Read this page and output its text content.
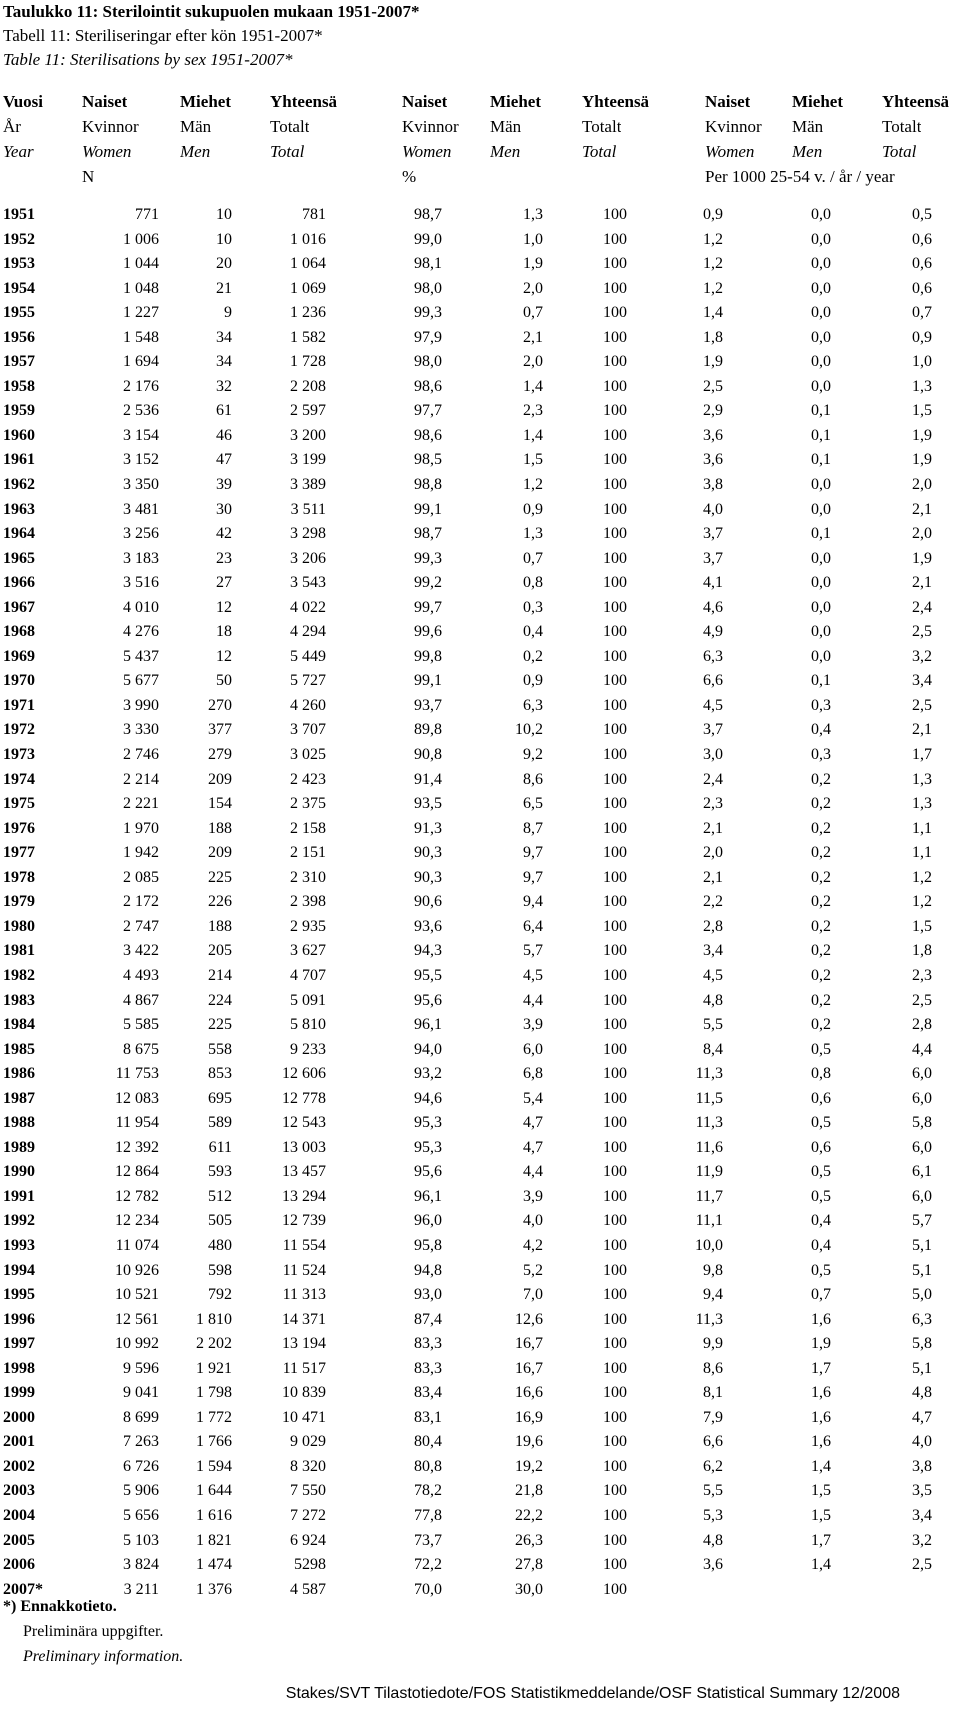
Taulukko 11: Sterilointit sukupuolen mukaan 1951-2007*
Tabell 11: Steriliseringar efter kön 1951-2007*
Table 11: Sterilisations by sex 1951-2007*
Vuosi Naiset	Miehet Yhteensä	Naiset	Miehet Yhteensä	Naiset Miehet Yhteensä
År	Kvinnor	Män	Totalt	Kvinnor	Män	Totalt	Kvinnor	Män	Totalt
Year	Women	Men	Total	Women Men	Total	Women Men	Total
N	%	Per 1000 25-54 v. / år / year
1951	771	10	781	98,7	1,3	100	0,9	0,0	0,5
1952	1 006	10	1 016	99,0	1,0	100	1,2	0,0	0,6
1953	1 044	20	1 064	98,1	1,9	100	1,2	0,0	0,6
1954	1 048	21	1 069	98,0	2,0	100	1,2	0,0	0,6
1955	1 227	9	1 236	99,3	0,7	100	1,4	0,0	0,7
1956	1 548	34	1 582	97,9	2,1	100	1,8	0,0	0,9
1957	1 694	34	1 728	98,0	2,0	100	1,9	0,0	1,0
1958	2 176	32	2 208	98,6	1,4	100	2,5	0,0	1,3
1959	2 536	61	2 597	97,7	2,3	100	2,9	0,1	1,5
1960	3 154	46	3 200	98,6	1,4	100	3,6	0,1	1,9
1961	3 152	47	3 199	98,5	1,5	100	3,6	0,1	1,9
1962	3 350	39	3 389	98,8	1,2	100	3,8	0,0	2,0
1963	3 481	30	3 511	99,1	0,9	100	4,0	0,0	2,1
1964	3 256	42	3 298	98,7	1,3	100	3,7	0,1	2,0
1965	3 183	23	3 206	99,3	0,7	100	3,7	0,0	1,9
1966	3 516	27	3 543	99,2	0,8	100	4,1	0,0	2,1
1967	4 010	12	4 022	99,7	0,3	100	4,6	0,0	2,4
1968	4 276	18	4 294	99,6	0,4	100	4,9	0,0	2,5
1969	5 437	12	5 449	99,8	0,2	100	6,3	0,0	3,2
1970	5 677	50	5 727	99,1	0,9	100	6,6	0,1	3,4
1971	3 990	270	4 260	93,7	6,3	100	4,5	0,3	2,5
1972	3 330	377	3 707	89,8	10,2	100	3,7	0,4	2,1
1973	2 746	279	3 025	90,8	9,2	100	3,0	0,3	1,7
1974	2 214	209	2 423	91,4	8,6	100	2,4	0,2	1,3
1975	2 221	154	2 375	93,5	6,5	100	2,3	0,2	1,3
1976	1 970	188	2 158	91,3	8,7	100	2,1	0,2	1,1
1977	1 942	209	2 151	90,3	9,7	100	2,0	0,2	1,1
1978	2 085	225	2 310	90,3	9,7	100	2,1	0,2	1,2
1979	2 172	226	2 398	90,6	9,4	100	2,2	0,2	1,2
1980	2 747	188	2 935	93,6	6,4	100	2,8	0,2	1,5
1981	3 422	205	3 627	94,3	5,7	100	3,4	0,2	1,8
1982	4 493	214	4 707	95,5	4,5	100	4,5	0,2	2,3
1983	4 867	224	5 091	95,6	4,4	100	4,8	0,2	2,5
1984	5 585	225	5 810	96,1	3,9	100	5,5	0,2	2,8
1985	8 675	558	9 233	94,0	6,0	100	8,4	0,5	4,4
1986	11 753	853	12 606	93,2	6,8	100	11,3	0,8	6,0
1987	12 083	695	12 778	94,6	5,4	100	11,5	0,6	6,0
1988	11 954	589	12 543	95,3	4,7	100	11,3	0,5	5,8
1989	12 392	611	13 003	95,3	4,7	100	11,6	0,6	6,0
1990	12 864	593	13 457	95,6	4,4	100	11,9	0,5	6,1
1991	12 782	512	13 294	96,1	3,9	100	11,7	0,5	6,0
1992	12 234	505	12 739	96,0	4,0	100	11,1	0,4	5,7
1993	11 074	480	11 554	95,8	4,2	100	10,0	0,4	5,1
1994	10 926	598	11 524	94,8	5,2	100	9,8	0,5	5,1
1995	10 521	792	11 313	93,0	7,0	100	9,4	0,7	5,0
1996	12 561	1 810	14 371	87,4	12,6	100	11,3	1,6	6,3
1997	10 992	2 202	13 194	83,3	16,7	100	9,9	1,9	5,8
1998	9 596	1 921	11 517	83,3	16,7	100	8,6	1,7	5,1
1999	9 041	1 798	10 839	83,4	16,6	100	8,1	1,6	4,8
2000	8 699	1 772	10 471	83,1	16,9	100	7,9	1,6	4,7
2001	7 263	1 766	9 029	80,4	19,6	100	6,6	1,6	4,0
2002	6 726	1 594	8 320	80,8	19,2	100	6,2	1,4	3,8
2003	5 906	1 644	7 550	78,2	21,8	100	5,5	1,5	3,5
2004	5 656	1 616	7 272	77,8	22,2	100	5,3	1,5	3,4
2005	5 103	1 821	6 924	73,7	26,3	100	4,8	1,7	3,2
2006	3 824	1 474	5298	72,2	27,8	100	3,6	1,4	2,5
2007*	3 211	1 376	4 587	70,0	30,0	100
*) Ennakkotieto.
Preliminära uppgifter.
Preliminary information.
Stakes/SVT Tilastotiedote/FOS Statistikmeddelande/OSF Statistical Summary 12/2008
